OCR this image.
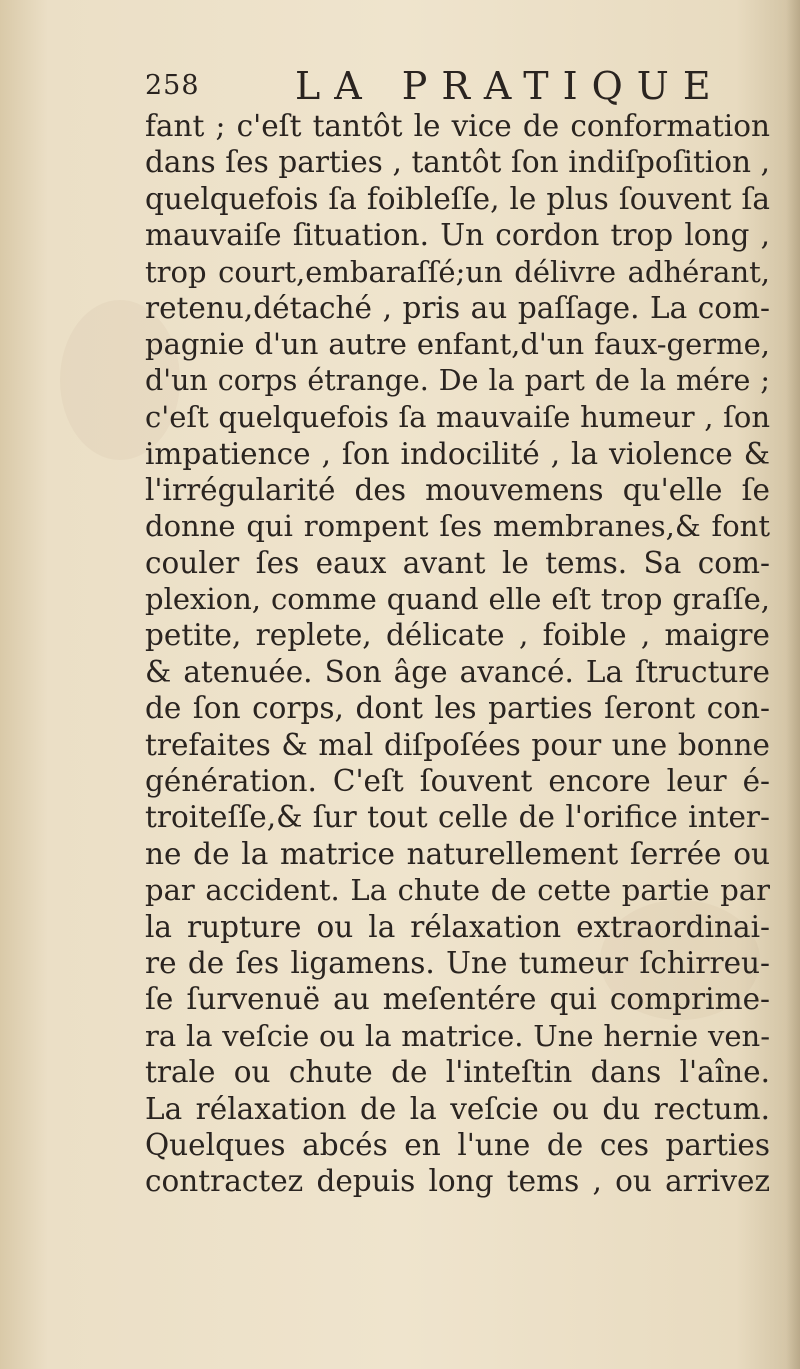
258	LA PRATIQUE
fant ; c'eſt tantôt le vice de conformation
dans ſes parties , tantôt ſon indiſpoſition ,
quelquefois ſa foibleſſe, le plus ſouvent ſa
mauvaiſe ſituation. Un cordon trop long ,
trop court,embaraſſé;un délivre adhérant,
retenu,détaché , pris au paſſage. La com-
pagnie d'un autre enfant,d'un faux-germe,
d'un corps étrange. De la part de la mére ;
c'eſt quelquefois ſa mauvaiſe humeur , ſon
impatience , ſon indocilité , la violence &
l'irrégularité des mouvemens qu'elle ſe
donne qui rompent ſes membranes,& font
couler ſes eaux avant le tems. Sa com-
plexion, comme quand elle eſt trop graſſe,
petite, replete, délicate , foible , maigre
& atenuée. Son âge avancé. La ſtructure
de ſon corps, dont les parties ſeront con-
trefaites & mal diſpoſées pour une bonne
génération. C'eſt ſouvent encore leur é-
troiteſſe,& ſur tout celle de l'orifice inter-
ne de la matrice naturellement ſerrée ou
par accident. La chute de cette partie par
la rupture ou la rélaxation extraordinai-
re de ſes ligamens. Une tumeur ſchirreu-
ſe ſurvenuë au meſentére qui comprime-
ra la veſcie ou la matrice. Une hernie ven-
trale ou chute de l'inteſtin dans l'aîne.
La rélaxation de la veſcie ou du rectum.
Quelques abcés en l'une de ces parties
contractez depuis long tems , ou arrivez
